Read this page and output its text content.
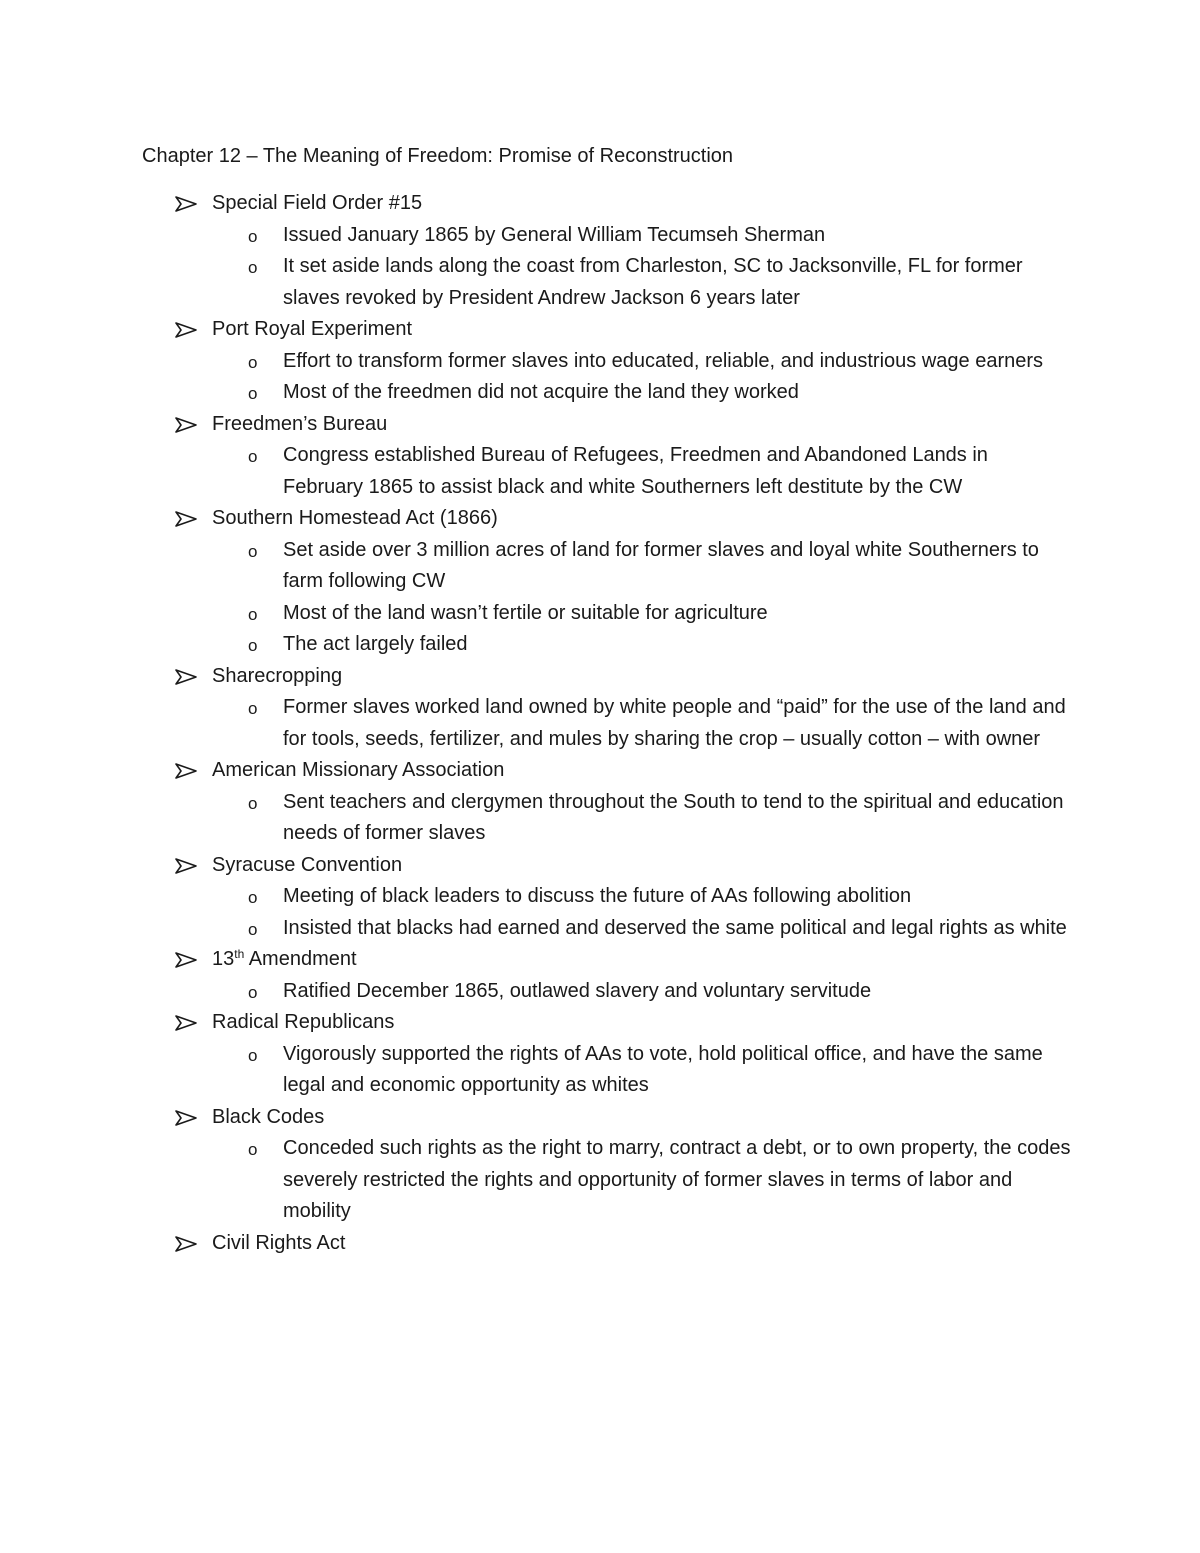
Chapter 12 – The Meaning of Freedom: Promise of Reconstruction
Special Field Order #15
o Issued January 1865 by General William Tecumseh Sherman
o It set aside lands along the coast from Charleston, SC to Jacksonville, FL for former slaves revoked by President Andrew Jackson 6 years later
Port Royal Experiment
o Effort to transform former slaves into educated, reliable, and industrious wage earners
o Most of the freedmen did not acquire the land they worked
Freedmen’s Bureau
o Congress established Bureau of Refugees, Freedmen and Abandoned Lands in February 1865 to assist black and white Southerners left destitute by the CW
Southern Homestead Act (1866)
o Set aside over 3 million acres of land for former slaves and loyal white Southerners to farm following CW
o Most of the land wasn’t fertile or suitable for agriculture
o The act largely failed
Sharecropping
o Former slaves worked land owned by white people and “paid” for the use of the land and for tools, seeds, fertilizer, and mules by sharing the crop – usually cotton – with owner
American Missionary Association
o Sent teachers and clergymen throughout the South to tend to the spiritual and education needs of former slaves
Syracuse Convention
o Meeting of black leaders to discuss the future of AAs following abolition
o Insisted that blacks had earned and deserved the same political and legal rights as white
13th Amendment
o Ratified December 1865, outlawed slavery and voluntary servitude
Radical Republicans
o Vigorously supported the rights of AAs to vote, hold political office, and have the same legal and economic opportunity as whites
Black Codes
o Conceded such rights as the right to marry, contract a debt, or to own property, the codes severely restricted the rights and opportunity of former slaves in terms of labor and mobility
Civil Rights Act
